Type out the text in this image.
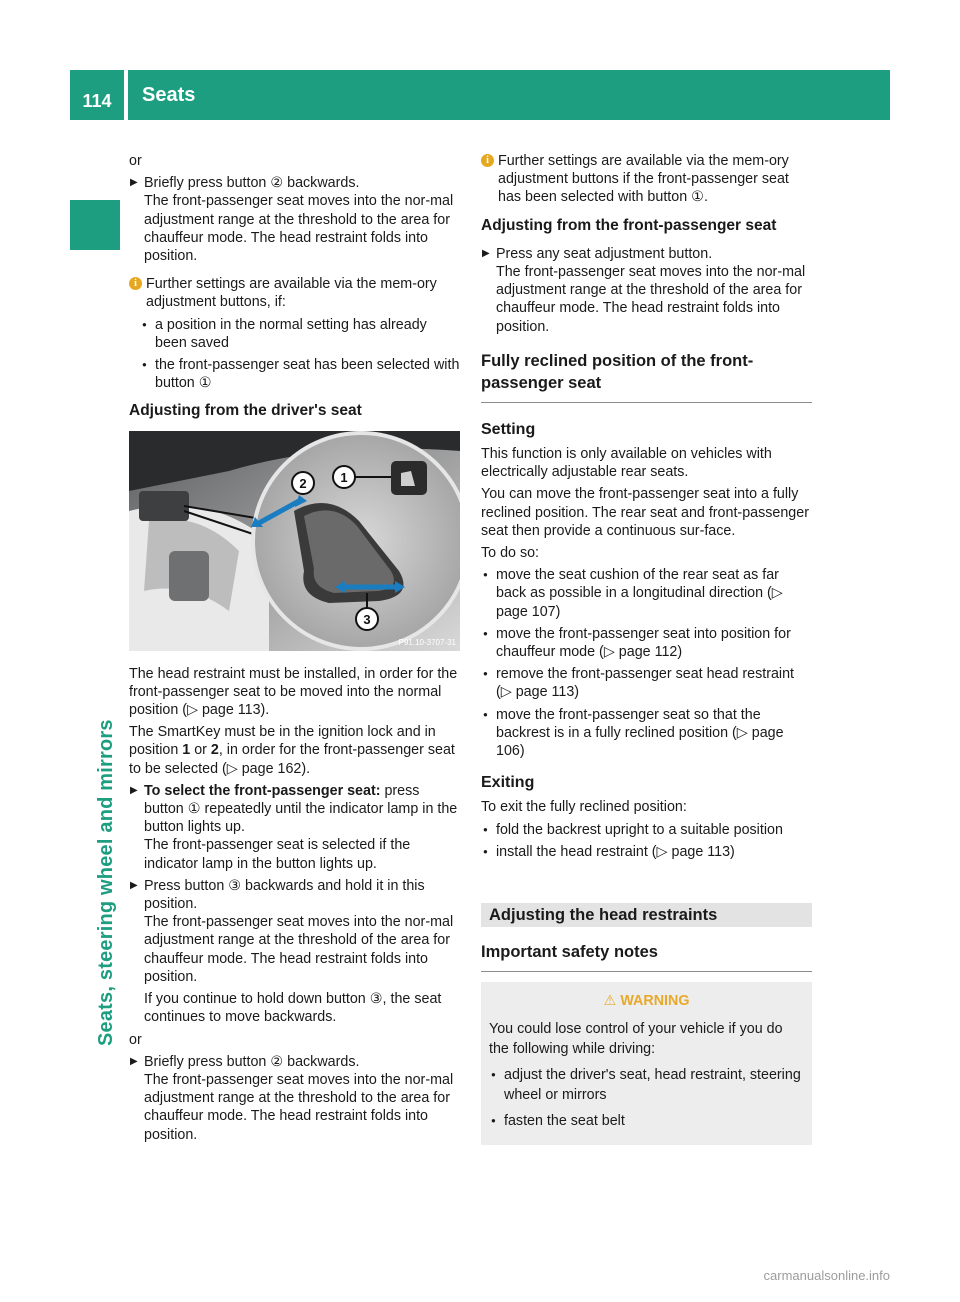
114	Seats
Seats, steering wheel and mirrors

or

▶ Briefly press button ② backwards.
The front-passenger seat moves into the nor-mal adjustment range at the threshold to the area for chauffeur mode. The head restraint folds into position.
i Further settings are available via the mem-ory adjustment buttons, if:

● a position in the normal setting has already been saved
● the front-passenger seat has been selected with button ①
Adjusting from the driver's seat
1
2
3
P91.10-3707-31

The head restraint must be installed, in order for the front-passenger seat to be moved into the normal position (▷ page 113).

The SmartKey must be in the ignition lock and in position 1 or 2, in order for the front-passenger seat to be selected (▷ page 162).

▶ To select the front-passenger seat: press button ① repeatedly until the indicator lamp in the button lights up.
The front-passenger seat is selected if the indicator lamp in the button lights up.
▶ Press button ③ backwards and hold it in this position.
The front-passenger seat moves into the nor-mal adjustment range at the threshold of the area for chauffeur mode. The head restraint folds into position.
If you continue to hold down button ③, the seat continues to move backwards.

or

▶ Briefly press button ② backwards.
The front-passenger seat moves into the nor-mal adjustment range at the threshold to the area for chauffeur mode. The head restraint folds into position.
i Further settings are available via the mem-ory adjustment buttons if the front-passenger seat has been selected with button ①.

Adjusting from the front-passenger seat
▶ Press any seat adjustment button.
The front-passenger seat moves into the nor-mal adjustment range at the threshold of the area for chauffeur mode. The head restraint folds into position.
Fully reclined position of the front-passenger seat
Setting

This function is only available on vehicles with electrically adjustable rear seats.

You can move the front-passenger seat into a fully reclined position. The rear seat and front-passenger seat then provide a continuous sur-face.

To do so:

● move the seat cushion of the rear seat as far back as possible in a longitudinal direction (▷ page 107)
● move the front-passenger seat into position for chauffeur mode (▷ page 112)
● remove the front-passenger seat head restraint (▷ page 113)
● move the front-passenger seat so that the backrest is in a fully reclined position (▷ page 106)
Exiting

To exit the fully reclined position:

● fold the backrest upright to a suitable position
● install the head restraint (▷ page 113)
Adjusting the head restraints
Important safety notes
⚠ WARNING

You could lose control of your vehicle if you do the following while driving:

● adjust the driver's seat, head restraint, steering wheel or mirrors
● fasten the seat belt
carmanualsonline.info
